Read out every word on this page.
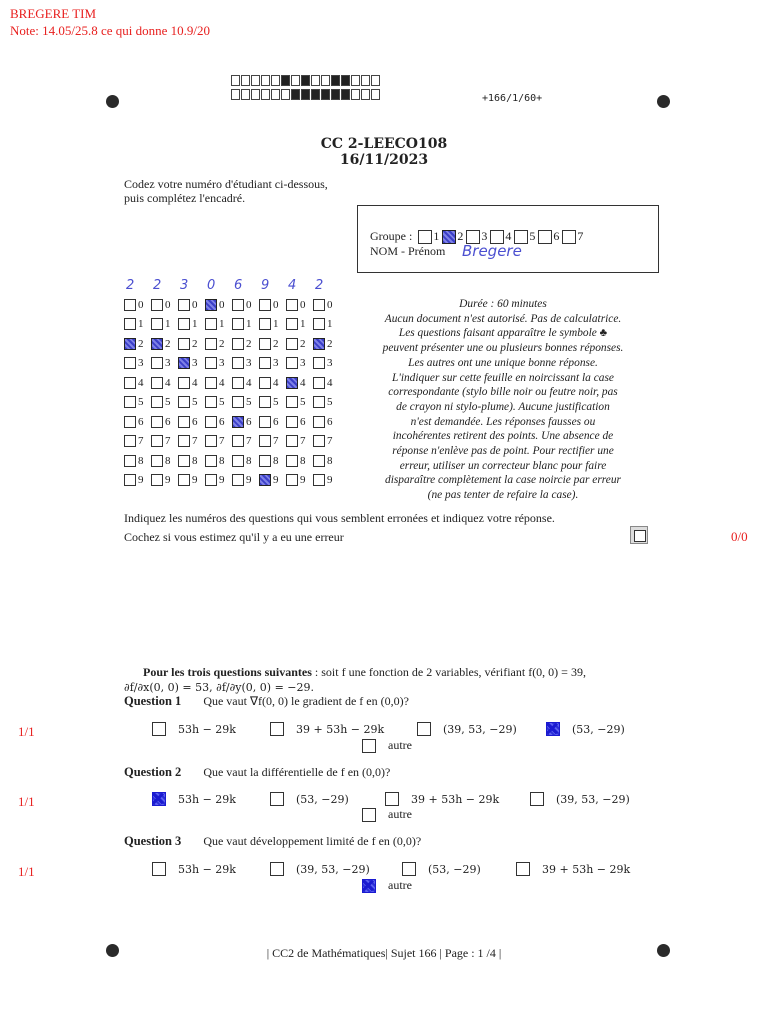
BREGERE TIM
Note: 14.05/25.8 ce qui donne 10.9/20
+166/1/60+
CC 2-LEECO108
16/11/2023
Codez votre numéro d'étudiant ci-dessous,
puis complétez l'encadré.
Groupe :	1 2 3 4 5 6 7
NOM - Prénom Bregere
2 2 3 0 6 9 4 2
0 0 0 0 0 0 0 0
1 1 1 1 1 1 1 1
2 2 2 2 2 2 2 2
3 3 3 3 3 3 3 3
4 4 4 4 4 4 4 4
5 5 5 5 5 5 5 5
6 6 6 6 6 6 6 6
7 7 7 7 7 7 7 7
8 8 8 8 8 8 8 8
9 9 9 9 9 9 9 9
Durée : 60 minutes
Aucun document n'est autorisé. Pas de calculatrice.
Les questions faisant apparaître le symbole ♣
peuvent présenter une ou plusieurs bonnes réponses.
Les autres ont une unique bonne réponse.
L'indiquer sur cette feuille en noircissant la case
correspondante (stylo bille noir ou feutre noir, pas
de crayon ni stylo-plume). Aucune justification
n'est demandée. Les réponses fausses ou
incohérentes retirent des points. Une absence de
réponse n'enlève pas de point. Pour rectifier une
erreur, utiliser un correcteur blanc pour faire
disparaître complètement la case noircie par erreur
(ne pas tenter de refaire la case).
Indiquez les numéros des questions qui vous semblent erronées et indiquez votre réponse.
Cochez si vous estimez qu'il y a eu une erreur	0/0
Pour les trois questions suivantes : soit f une fonction de 2 variables, vérifiant f(0, 0) = 39,
∂f/∂x(0, 0) = 53, ∂f/∂y(0, 0) = −29.
Question 1 Que vaut ∇f(0, 0) le gradient de f en (0,0)?
1/1	53h − 29k	39 + 53h − 29k	(39, 53, −29)	(53, −29)
autre
Question 2 Que vaut la différentielle de f en (0,0)?
1/1	53h − 29k	(53, −29)	39 + 53h − 29k	(39, 53, −29)
autre
Question 3 Que vaut développement limité de f en (0,0)?
1/1	53h − 29k	(39, 53, −29)	(53, −29)	39 + 53h − 29k
autre
| CC2 de Mathématiques| Sujet 166 | Page : 1 /4 |
